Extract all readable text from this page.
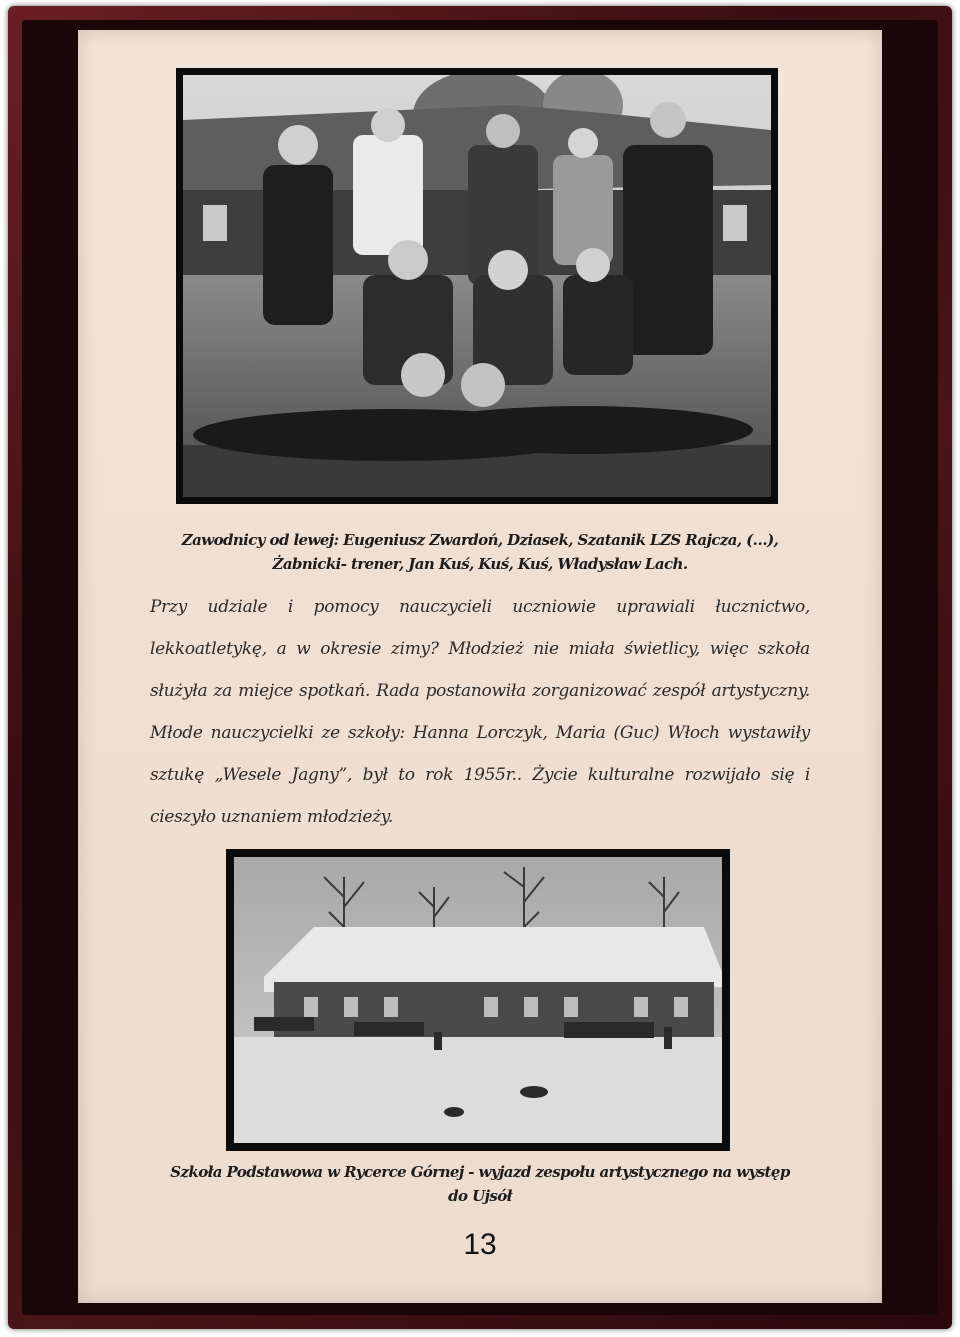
Zawodnicy od lewej: Eugeniusz Zwardoń, Dziasek, Szatanik LZS Rajcza, (…),
Żabnicki- trener, Jan Kuś, Kuś, Kuś, Władysław Lach.
Przy udziale i pomocy nauczycieli uczniowie uprawiali łucznictwo, lekkoatletykę, a w okresie zimy? Młodzież nie miała świetlicy, więc szkoła służyła za miejce spotkań. Rada postanowiła zorganizować zespół artystyczny. Młode nauczycielki ze szkoły: Hanna Lorczyk, Maria (Guc) Włoch wystawiły sztukę „Wesele Jagny”, był to rok 1955r.. Życie kulturalne rozwijało się i cieszyło uznaniem młodzieży.
Szkoła Podstawowa w Rycerce Górnej - wyjazd zespołu artystycznego na występ
do Ujsół
13
